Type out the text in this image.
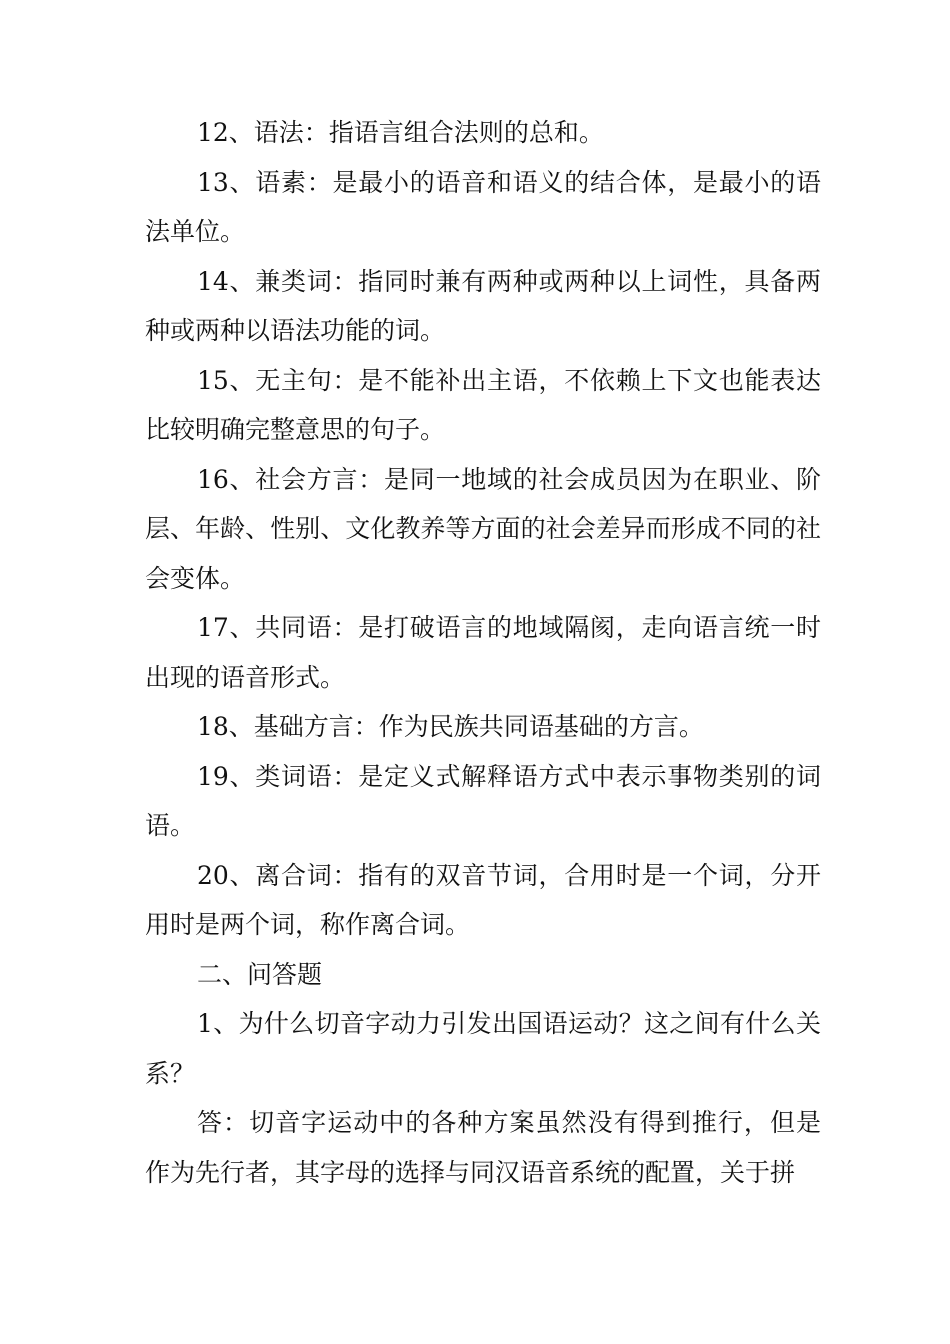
12、语法：指语言组合法则的总和。

13、语素：是最小的语音和语义的结合体，是最小的语法单位。

14、兼类词：指同时兼有两种或两种以上词性，具备两种或两种以语法功能的词。

15、无主句：是不能补出主语，不依赖上下文也能表达比较明确完整意思的句子。

16、社会方言：是同一地域的社会成员因为在职业、阶层、年龄、性别、文化教养等方面的社会差异而形成不同的社会变体。

17、共同语：是打破语言的地域隔阂，走向语言统一时出现的语音形式。

18、基础方言：作为民族共同语基础的方言。

19、类词语：是定义式解释语方式中表示事物类别的词语。

20、离合词：指有的双音节词，合用时是一个词，分开用时是两个词，称作离合词。

二、问答题

1、为什么切音字动力引发出国语运动？这之间有什么关系？

答：切音字运动中的各种方案虽然没有得到推行，但是作为先行者，其字母的选择与同汉语音系统的配置，关于拼
